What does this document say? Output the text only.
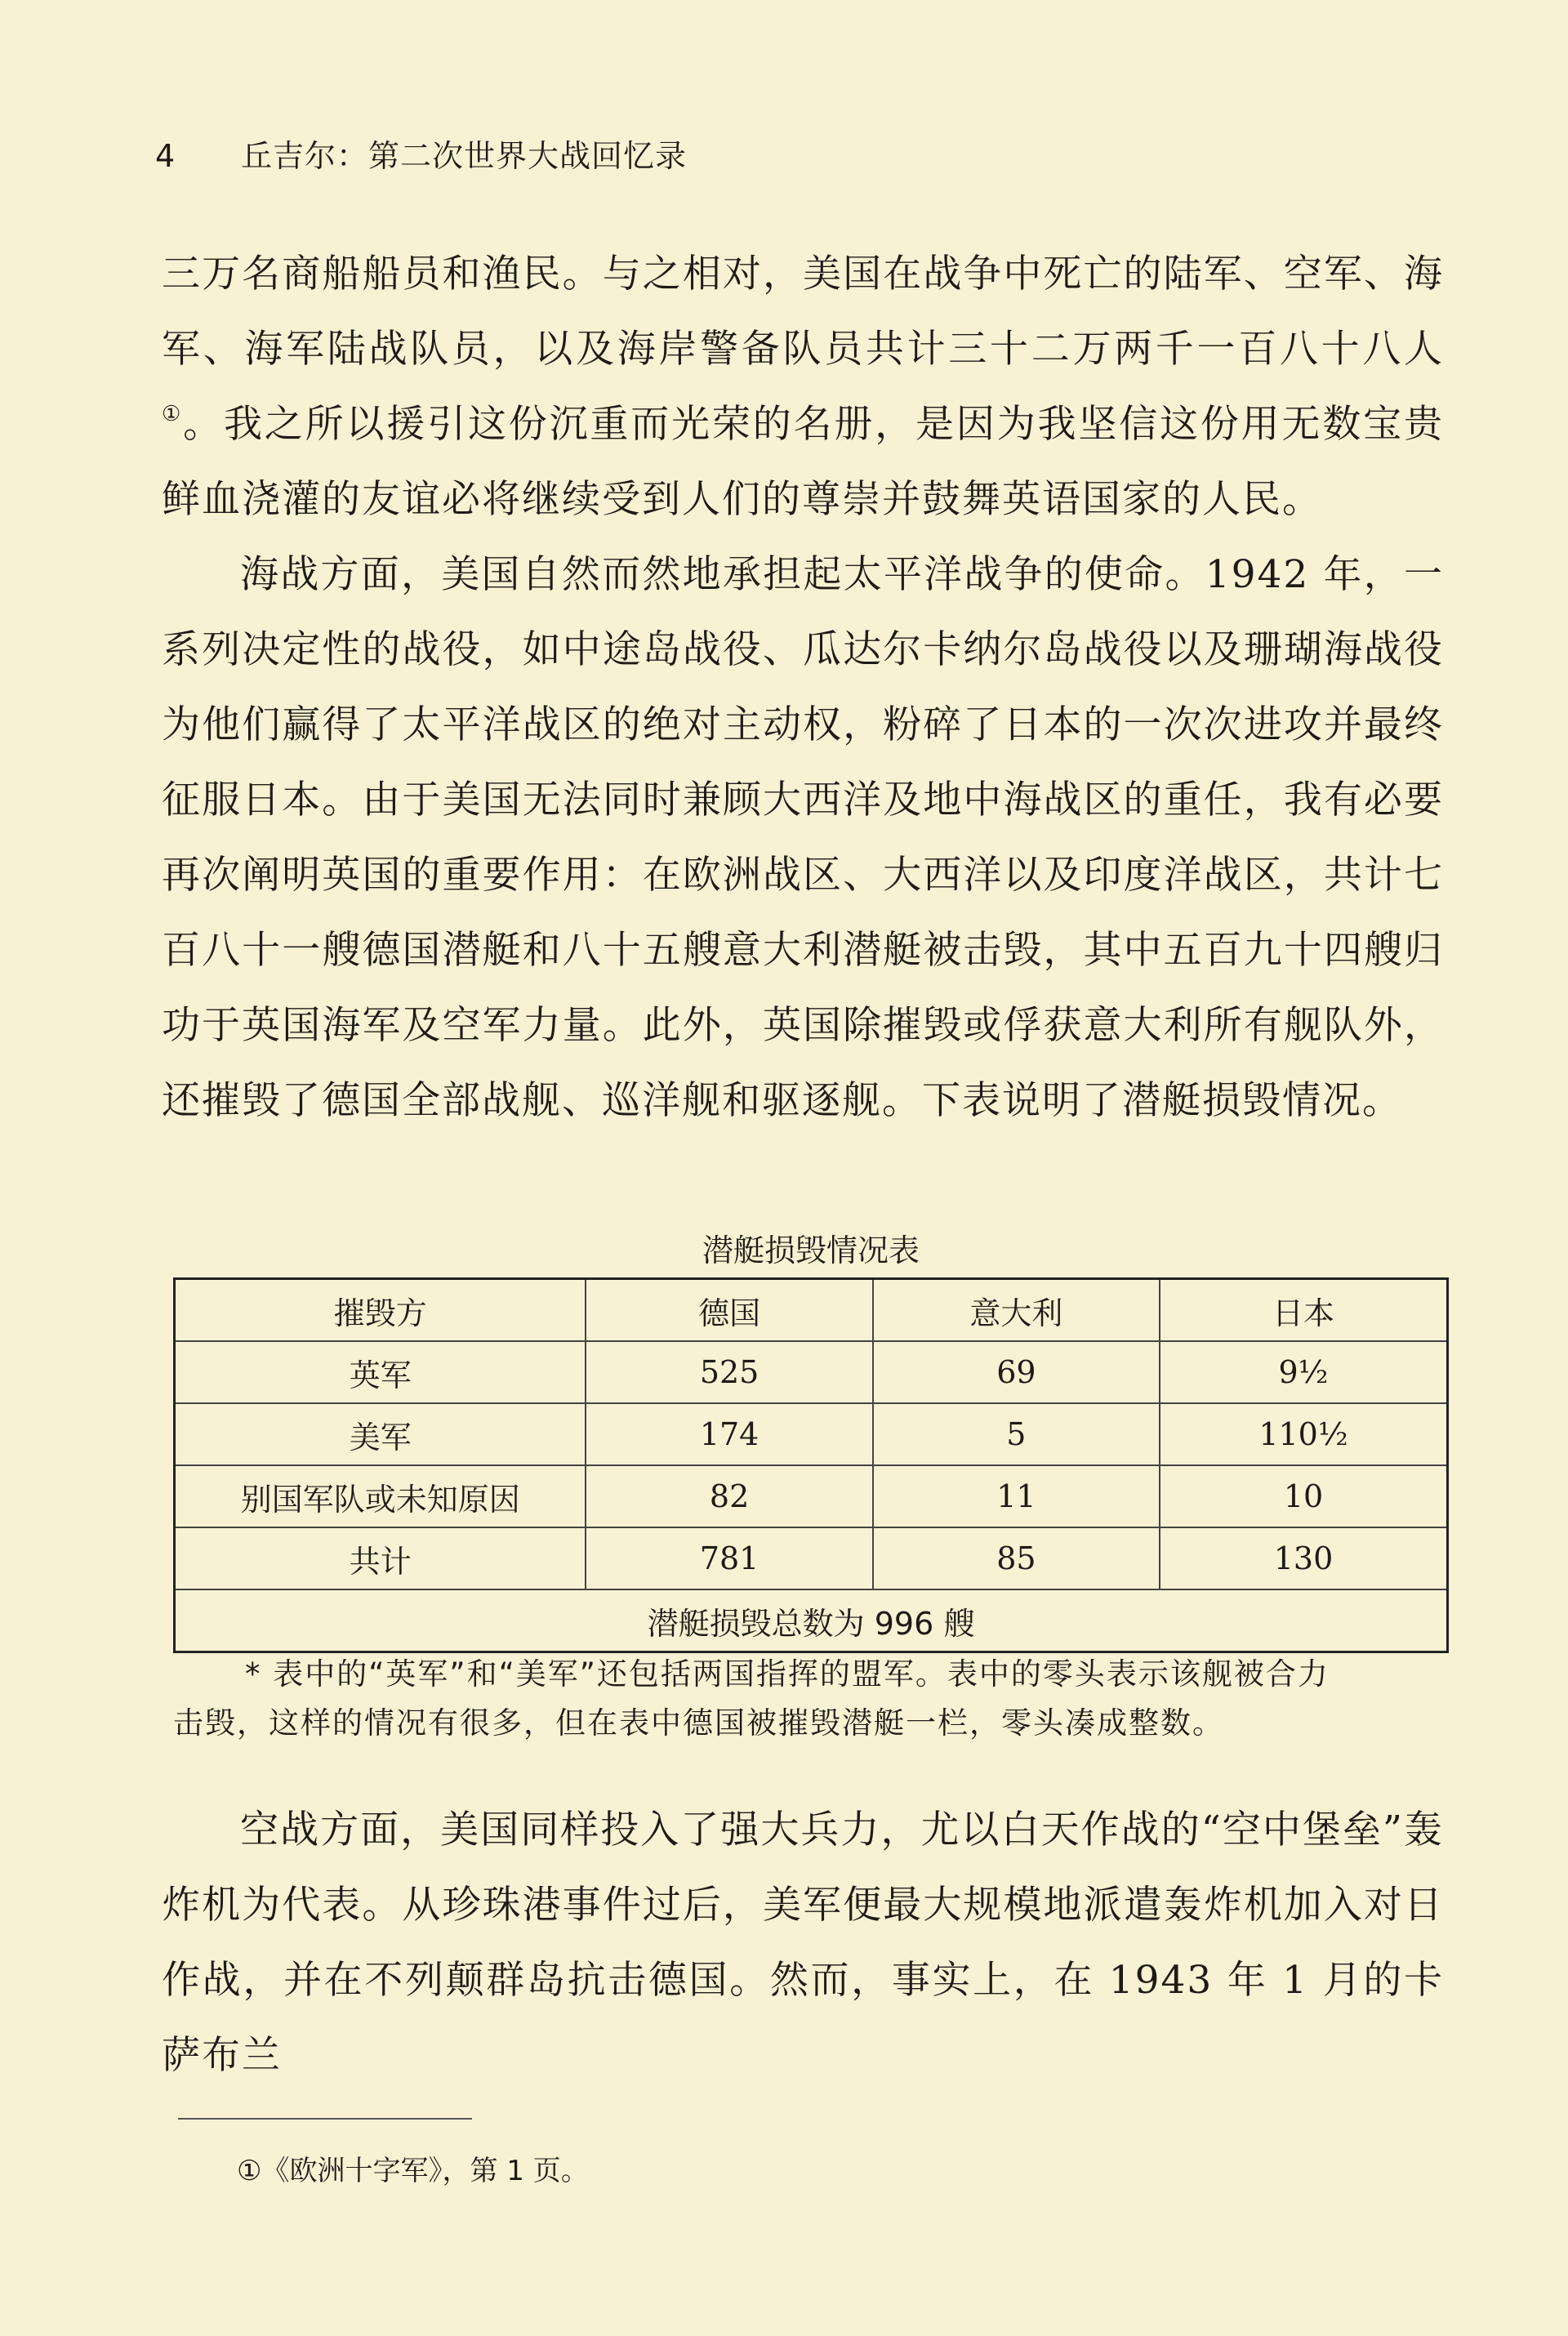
4 丘吉尔：第二次世界大战回忆录

三万名商船船员和渔民。与之相对，美国在战争中死亡的陆军、空军、海军、海军陆战队员，以及海岸警备队员共计三十二万两千一百八十八人①。我之所以援引这份沉重而光荣的名册，是因为我坚信这份用无数宝贵鲜血浇灌的友谊必将继续受到人们的尊崇并鼓舞英语国家的人民。

海战方面，美国自然而然地承担起太平洋战争的使命。1942 年，一系列决定性的战役，如中途岛战役、瓜达尔卡纳尔岛战役以及珊瑚海战役为他们赢得了太平洋战区的绝对主动权，粉碎了日本的一次次进攻并最终征服日本。由于美国无法同时兼顾大西洋及地中海战区的重任，我有必要再次阐明英国的重要作用：在欧洲战区、大西洋以及印度洋战区，共计七百八十一艘德国潜艇和八十五艘意大利潜艇被击毁，其中五百九十四艘归功于英国海军及空军力量。此外，英国除摧毁或俘获意大利所有舰队外，还摧毁了德国全部战舰、巡洋舰和驱逐舰。下表说明了潜艇损毁情况。

潜艇损毁情况表
摧毁方	德国	意大利	日本
英军	525	69	9½
美军	174	5	110½
别国军队或未知原因	82	11	10
共计	781	85	130
潜艇损毁总数为 996 艘			
* 表中的“英军”和“美军”还包括两国指挥的盟军。表中的零头表示该舰被合力
击毁，这样的情况有很多，但在表中德国被摧毁潜艇一栏，零头凑成整数。

空战方面，美国同样投入了强大兵力，尤以白天作战的“空中堡垒”轰炸机为代表。从珍珠港事件过后，美军便最大规模地派遣轰炸机加入对日作战，并在不列颠群岛抗击德国。然而，事实上，在 1943 年 1 月的卡萨布兰

①《欧洲十字军》，第 1 页。
